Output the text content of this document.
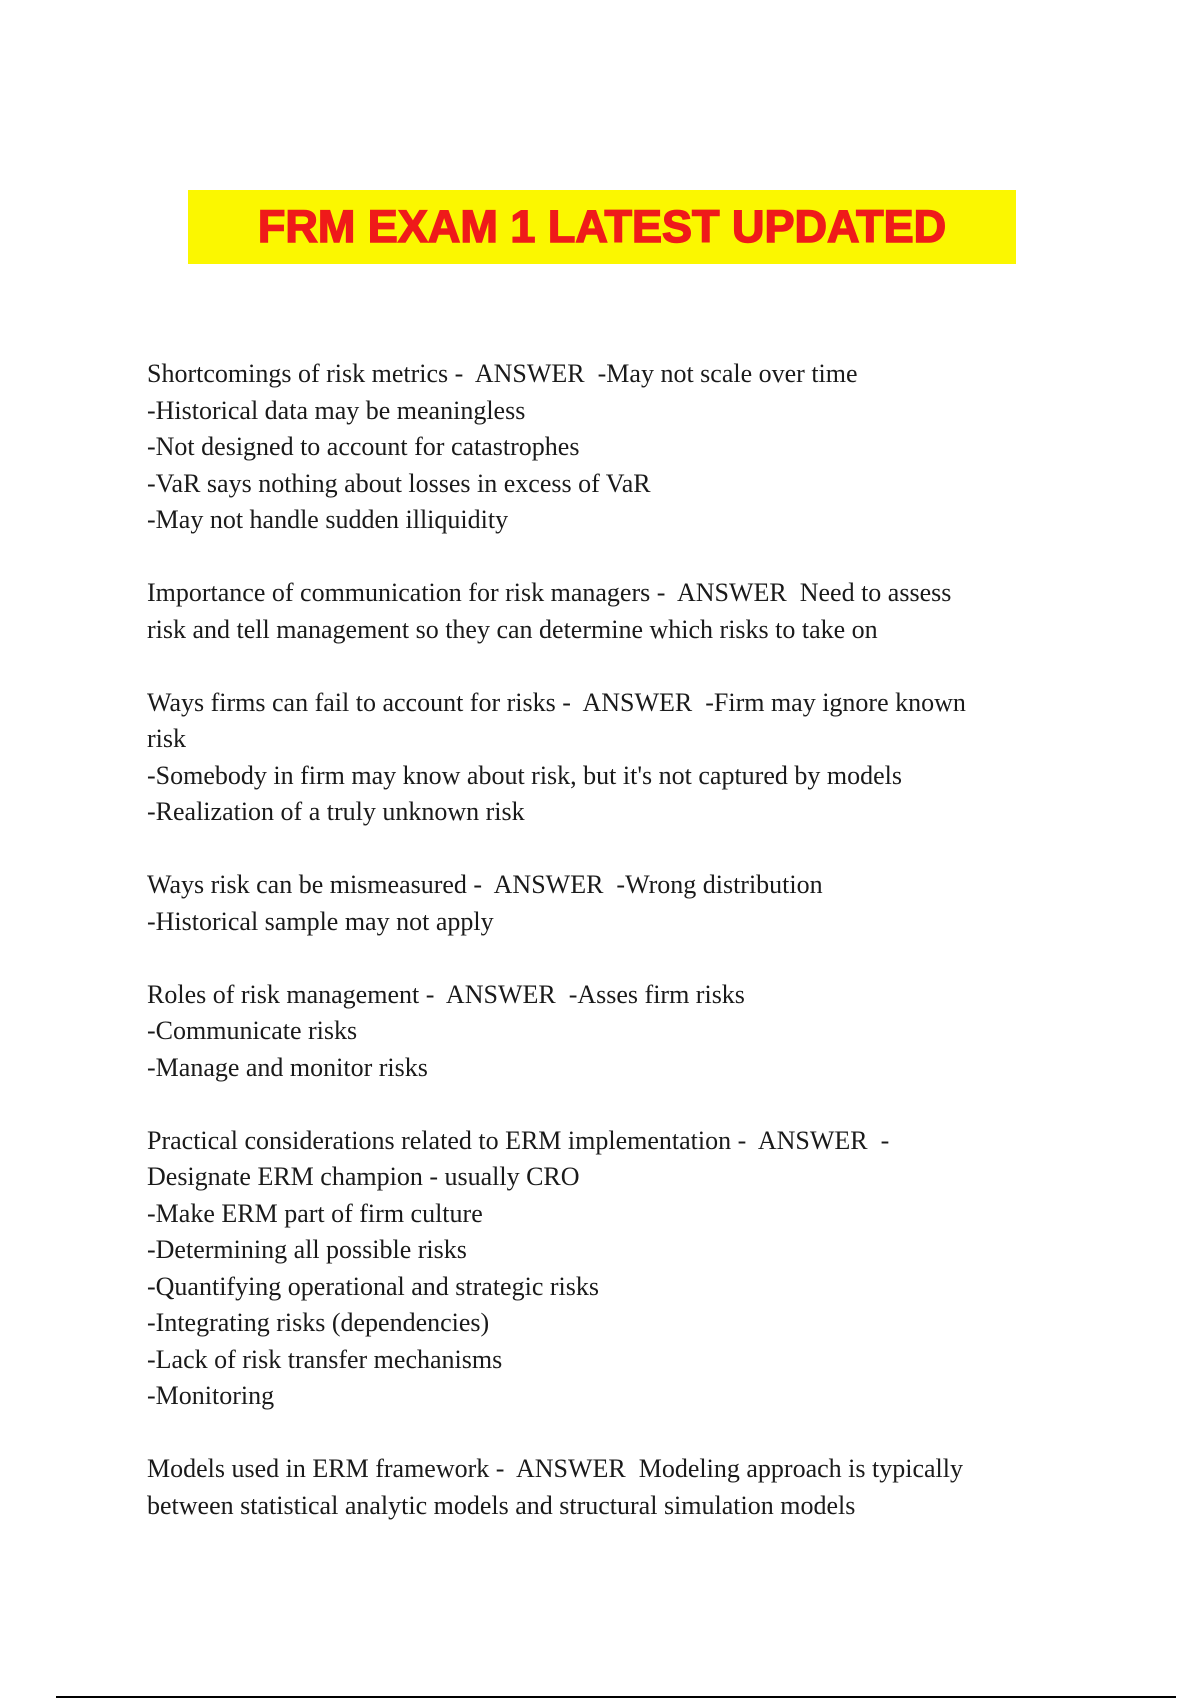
FRM EXAM 1 LATEST UPDATED
Shortcomings of risk metrics -  ANSWER  -May not scale over time
-Historical data may be meaningless
-Not designed to account for catastrophes
-VaR says nothing about losses in excess of VaR
-May not handle sudden illiquidity
Importance of communication for risk managers -  ANSWER  Need to assess
risk and tell management so they can determine which risks to take on
Ways firms can fail to account for risks -  ANSWER  -Firm may ignore known
risk
-Somebody in firm may know about risk, but it's not captured by models
-Realization of a truly unknown risk
Ways risk can be mismeasured -  ANSWER  -Wrong distribution
-Historical sample may not apply
Roles of risk management -  ANSWER  -Asses firm risks
-Communicate risks
-Manage and monitor risks
Practical considerations related to ERM implementation -  ANSWER  -
Designate ERM champion - usually CRO
-Make ERM part of firm culture
-Determining all possible risks
-Quantifying operational and strategic risks
-Integrating risks (dependencies)
-Lack of risk transfer mechanisms
-Monitoring
Models used in ERM framework -  ANSWER  Modeling approach is typically
between statistical analytic models and structural simulation models
